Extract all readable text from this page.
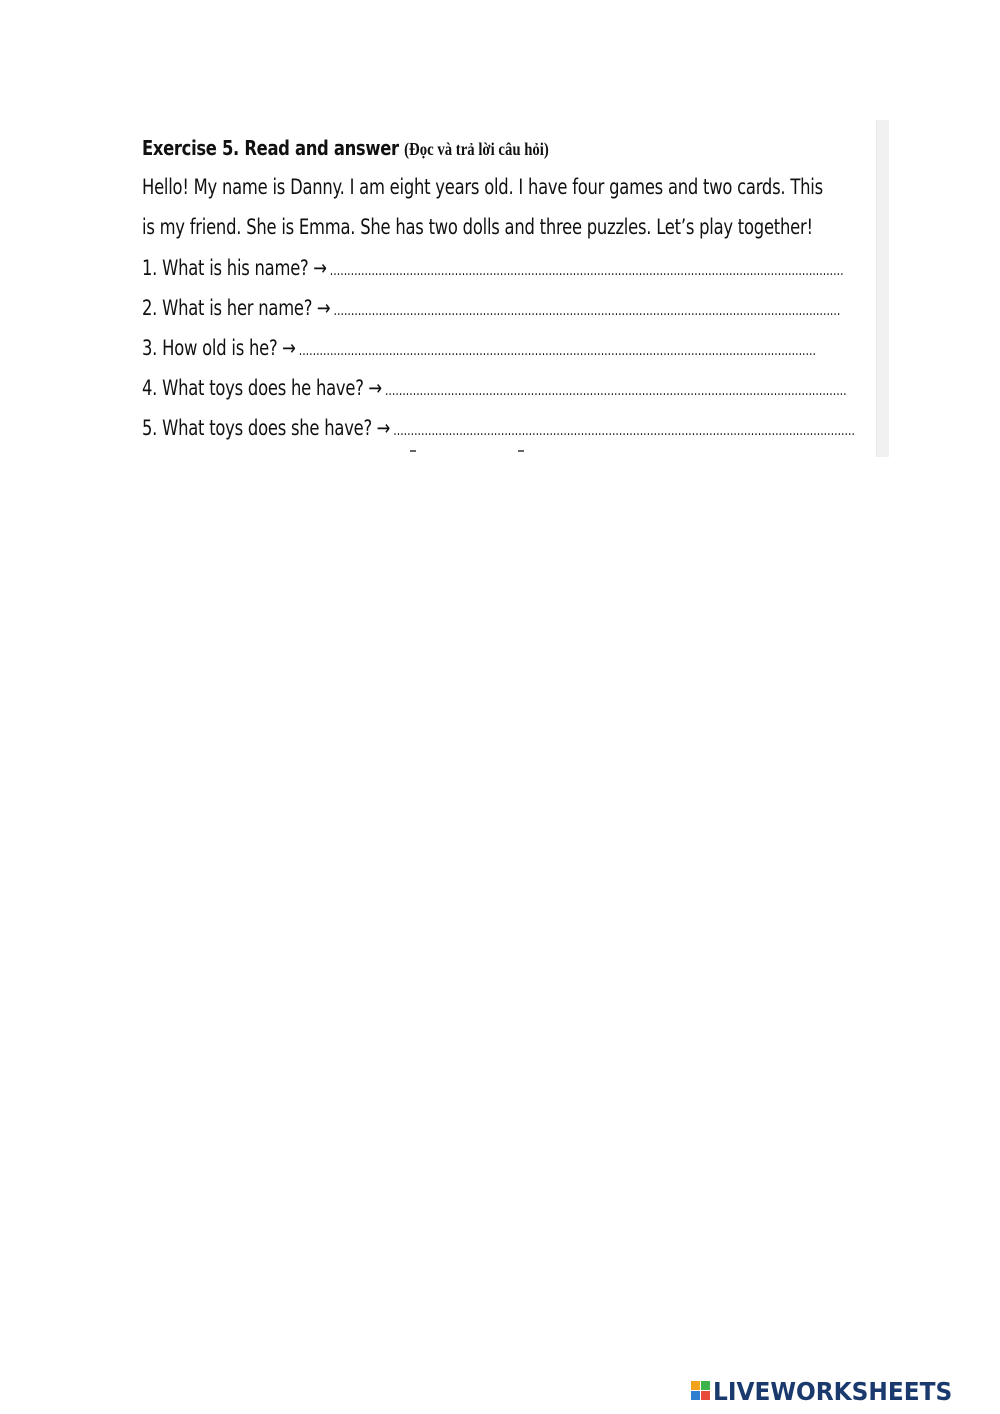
Exercise 5. Read and answer (Đọc và trả lời câu hỏi)
Hello! My name is Danny. I am eight years old. I have four games and two cards. This
is my friend. She is Emma. She has two dolls and three puzzles. Let’s play together!
1. What is his name? → ....................................................................................................................................................
2. What is her name? → ..................................................................................................................................................
3. How old is he? → .....................................................................................................................................................
4. What toys does he have? → .....................................................................................................................................
5. What toys does she have? → .....................................................................................................................................
LIVEWORKSHEETS
